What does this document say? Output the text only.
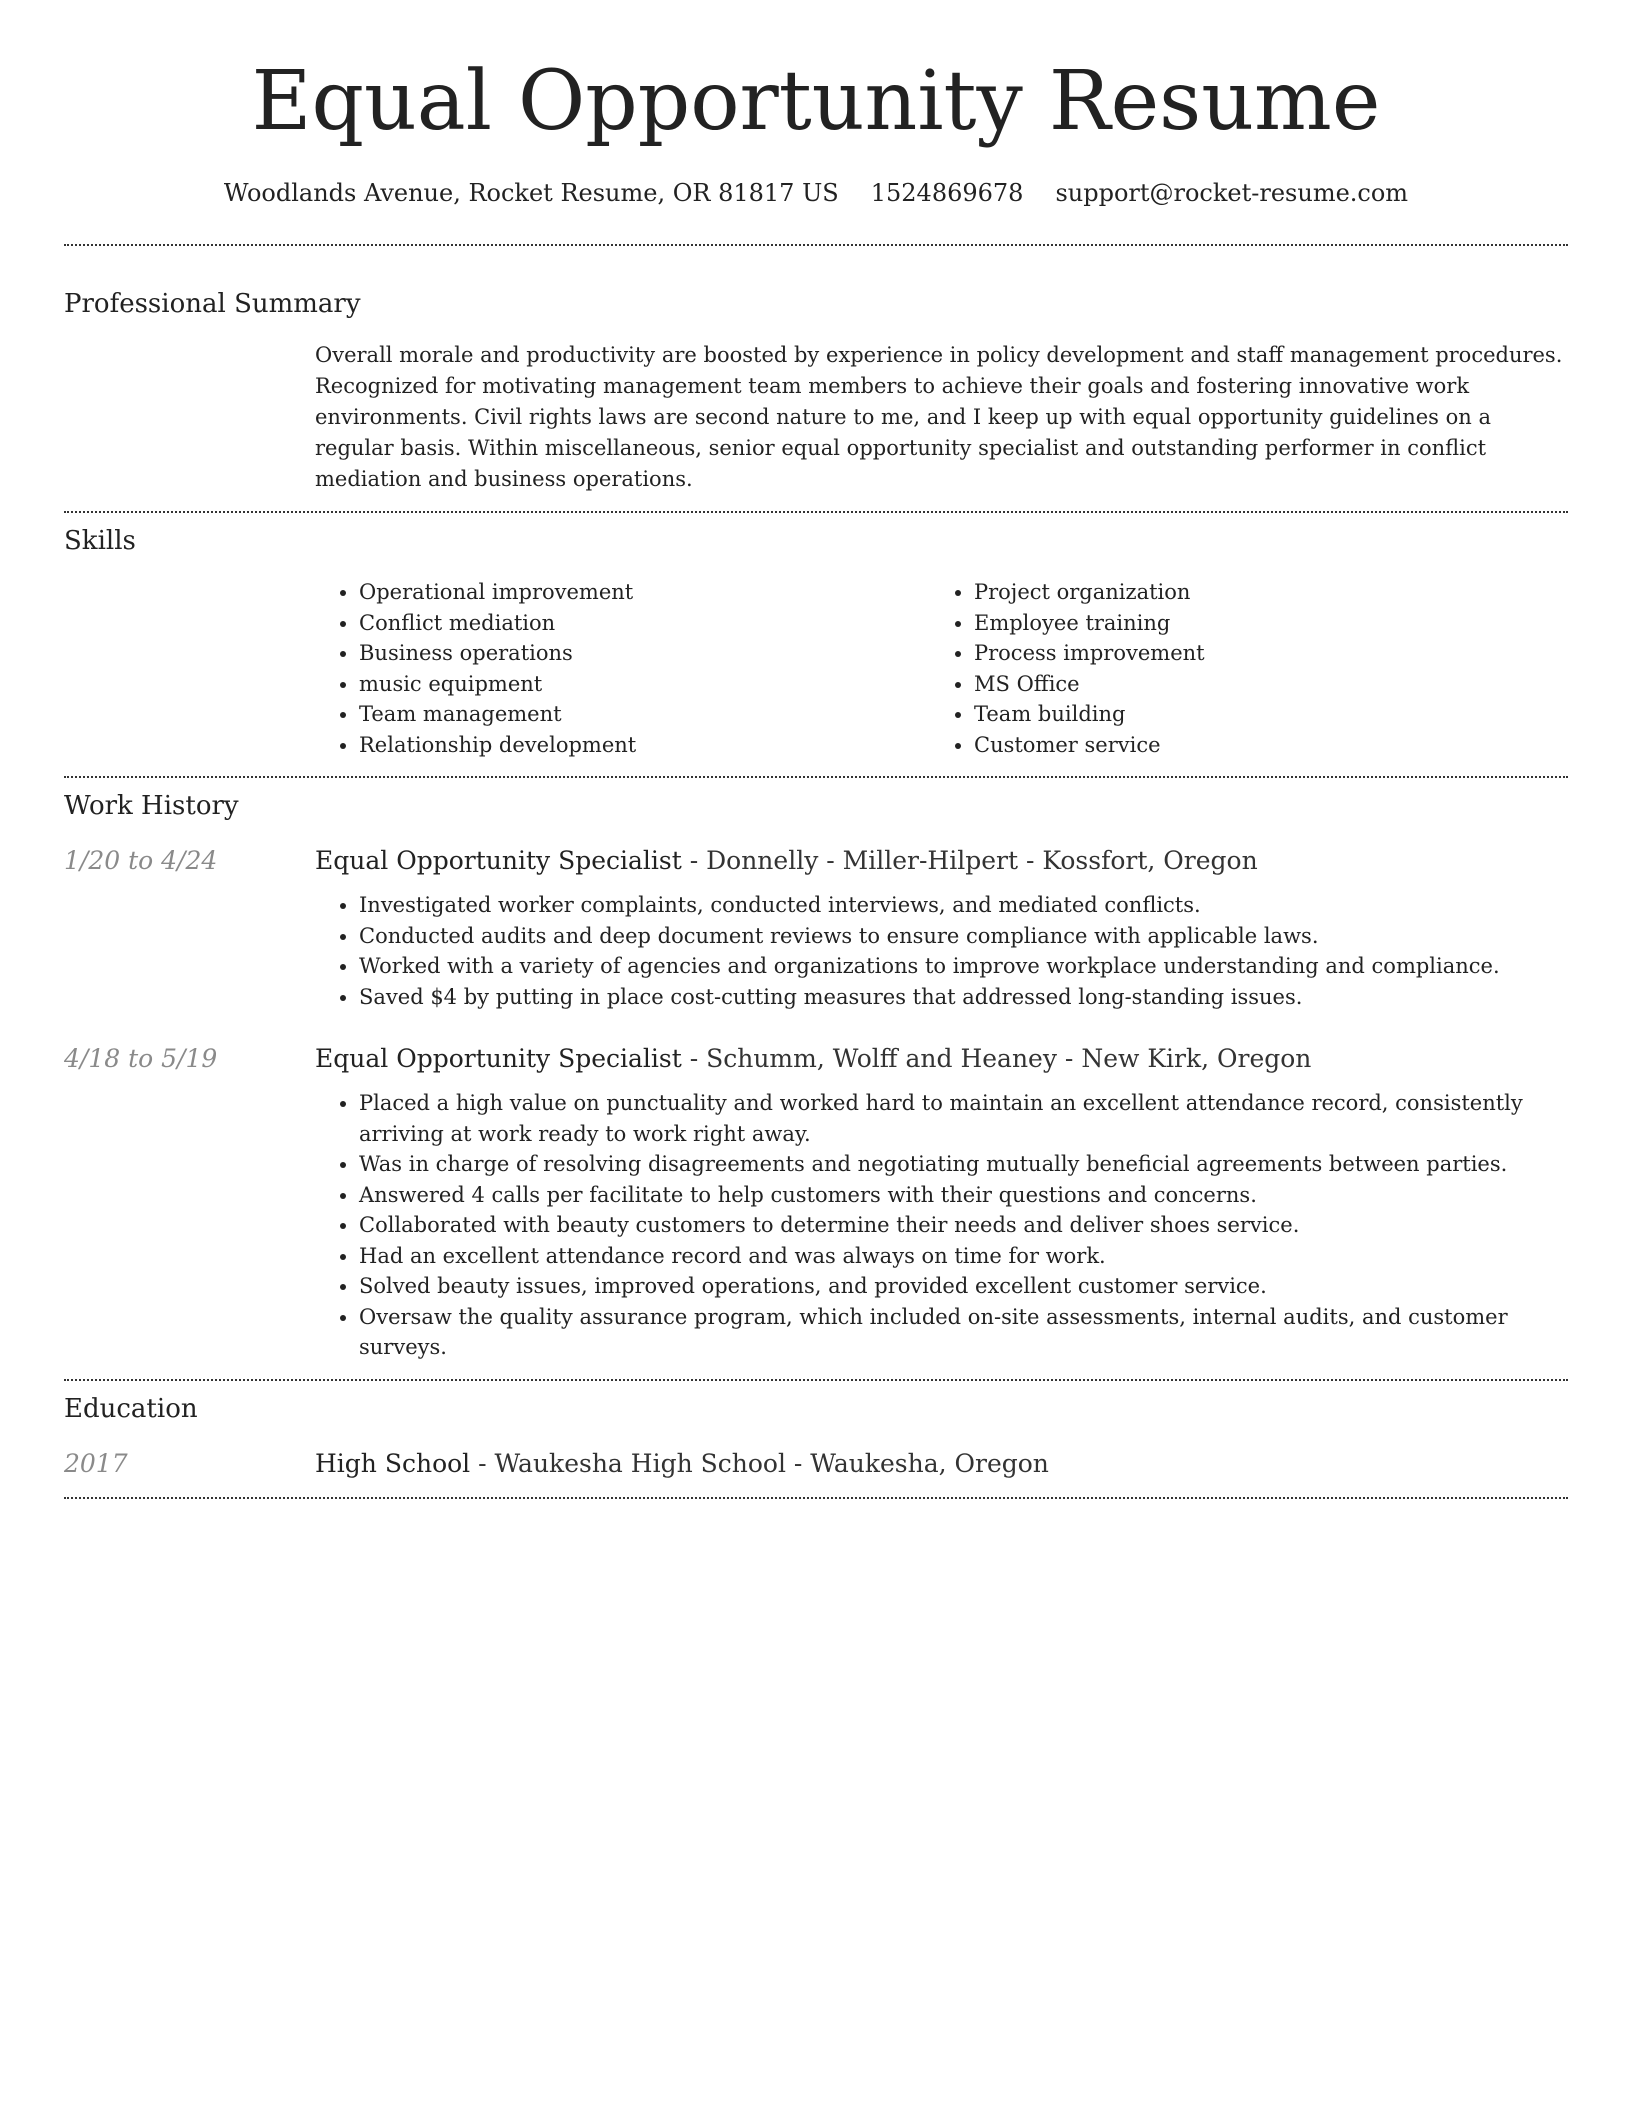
Equal Opportunity Resume
Woodlands Avenue, Rocket Resume, OR 81817 US 1524869678 support@rocket-resume.com
Professional Summary

Overall morale and productivity are boosted by experience in policy development and staff management procedures. Recognized for motivating management team members to achieve their goals and fostering innovative work environments. Civil rights laws are second nature to me, and I keep up with equal opportunity guidelines on a regular basis. Within miscellaneous, senior equal opportunity specialist and outstanding performer in conflict mediation and business operations.

Skills
• Operational improvement
• Conflict mediation
• Business operations
• music equipment
• Team management
• Relationship development
• Project organization
• Employee training
• Process improvement
• MS Office
• Team building
• Customer service
Work History
1/20 to 4/24	Equal Opportunity Specialist - Donnelly - Miller-Hilpert - Kossfort, Oregon
• Investigated worker complaints, conducted interviews, and mediated conflicts.
• Conducted audits and deep document reviews to ensure compliance with applicable laws.
• Worked with a variety of agencies and organizations to improve workplace understanding and compliance.
• Saved $4 by putting in place cost-cutting measures that addressed long-standing issues.
4/18 to 5/19	Equal Opportunity Specialist - Schumm, Wolff and Heaney - New Kirk, Oregon
• Placed a high value on punctuality and worked hard to maintain an excellent attendance record, consistently arriving at work ready to work right away.
• Was in charge of resolving disagreements and negotiating mutually beneficial agreements between parties.
• Answered 4 calls per facilitate to help customers with their questions and concerns.
• Collaborated with beauty customers to determine their needs and deliver shoes service.
• Had an excellent attendance record and was always on time for work.
• Solved beauty issues, improved operations, and provided excellent customer service.
• Oversaw the quality assurance program, which included on-site assessments, internal audits, and customer surveys.
Education
2017	High School - Waukesha High School - Waukesha, Oregon
